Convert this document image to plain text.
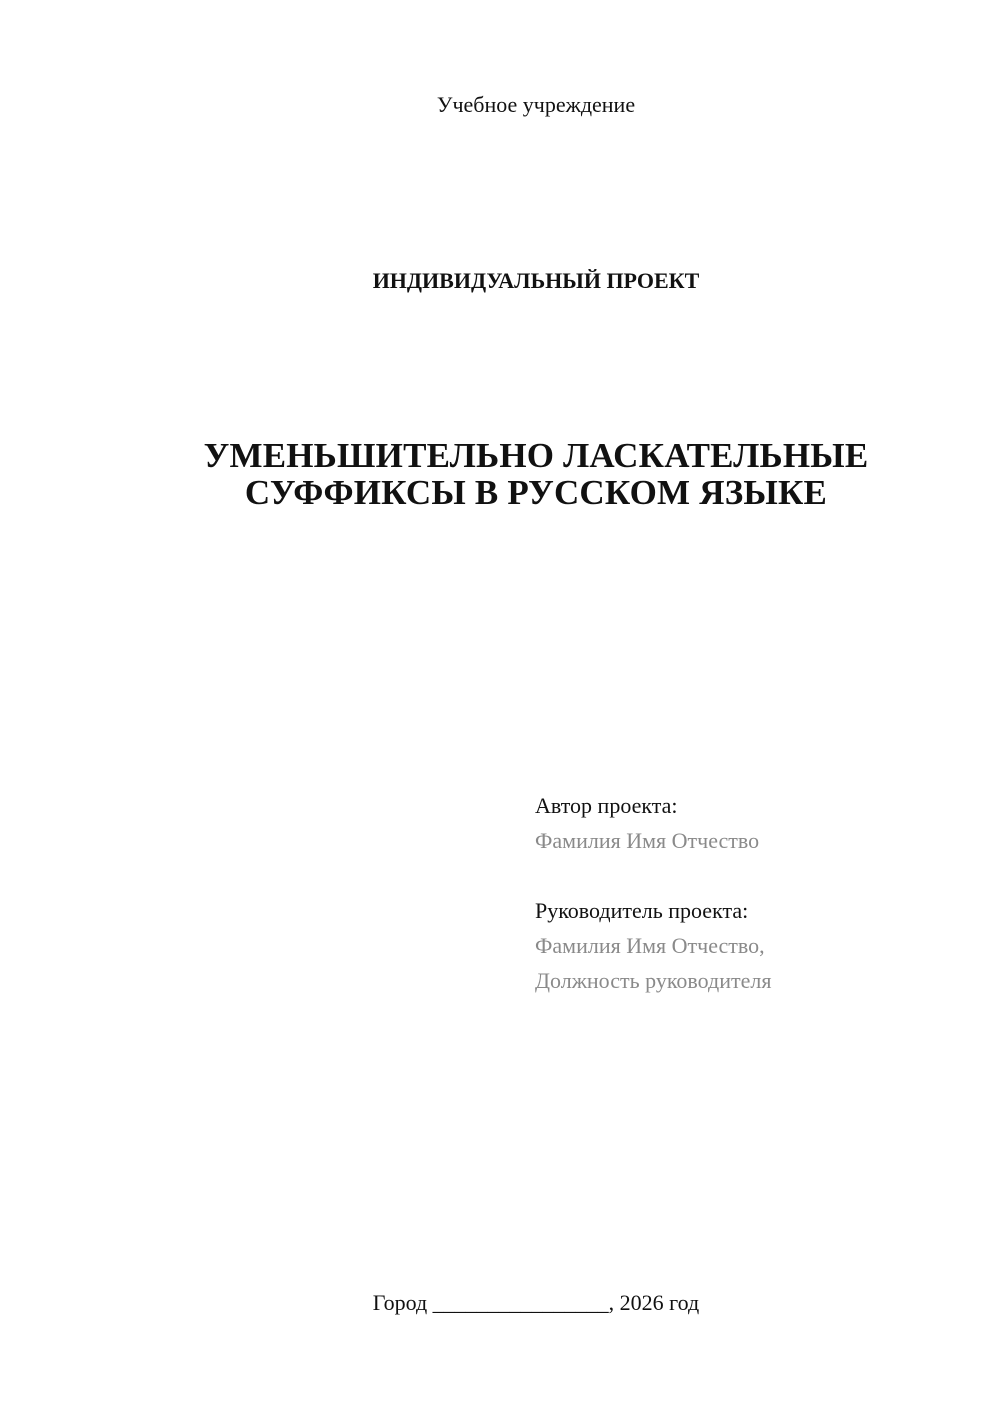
Учебное учреждение
ИНДИВИДУАЛЬНЫЙ ПРОЕКТ
УМЕНЬШИТЕЛЬНО ЛАСКАТЕЛЬНЫЕ
СУФФИКСЫ В РУССКОМ ЯЗЫКЕ
Автор проекта:
Фамилия Имя Отчество
Руководитель проекта:
Фамилия Имя Отчество,
Должность руководителя
Город ________________, 2026 год
